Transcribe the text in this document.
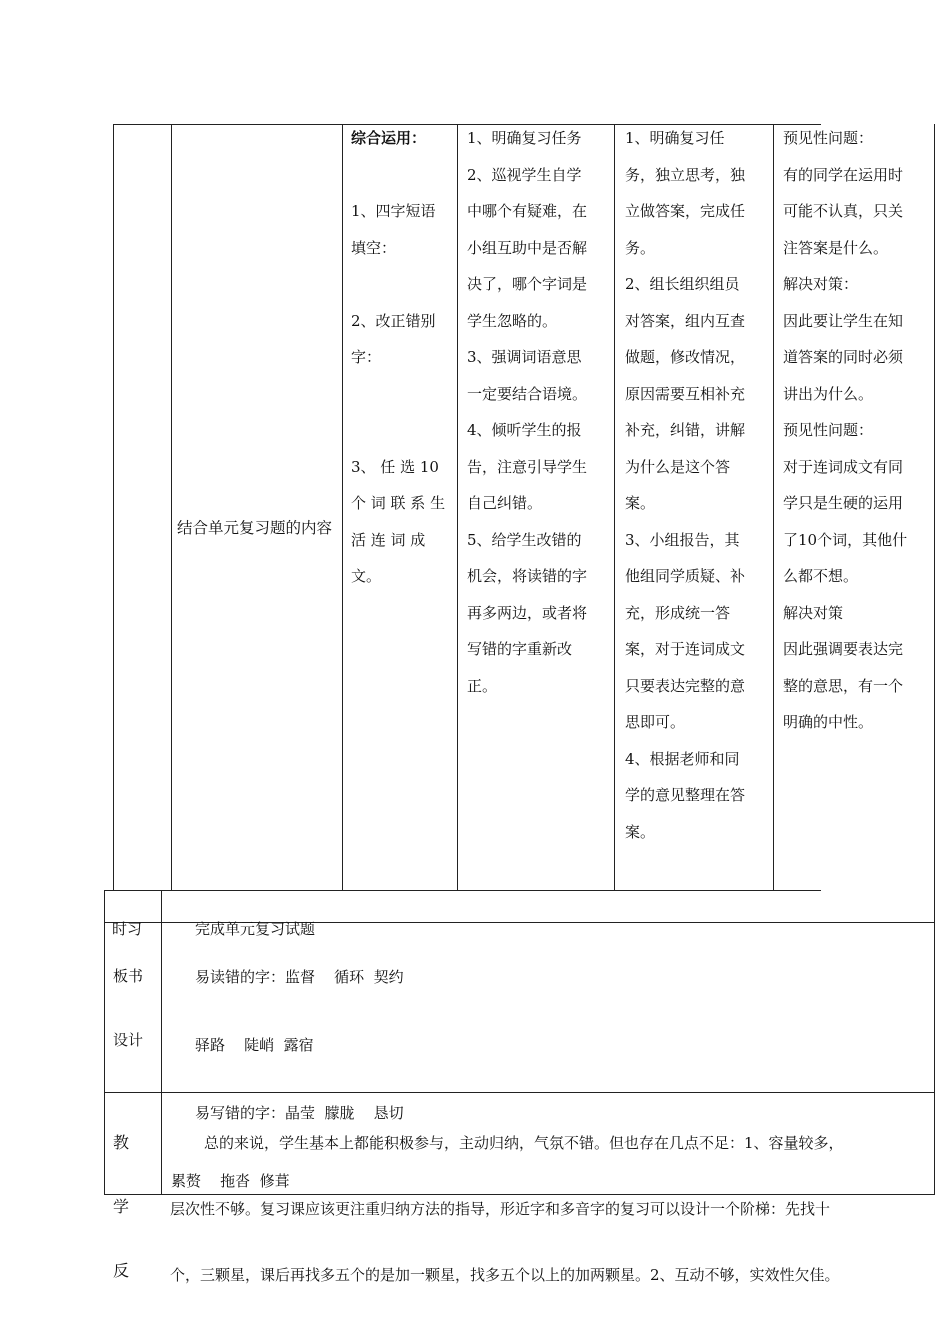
结合单元复习题的内容

综合运用：
1、四字短语
填空：
2、改正错别
字：
3、 任 选 10
个 词 联 系 生
活 连 词 成
文。
1、明确复习任务
2、巡视学生自学
中哪个有疑难，在
小组互助中是否解
决了，哪个字词是
学生忽略的。
3、强调词语意思
一定要结合语境。
4、倾听学生的报
告，注意引导学生
自己纠错。
5、给学生改错的
机会，将读错的字
再多两边，或者将
写错的字重新改
正。
1、明确复习任
务，独立思考，独
立做答案，完成任
务。
2、组长组织组员
对答案，组内互查
做题，修改情况，
原因需要互相补充
补充，纠错，讲解
为什么是这个答
案。
3、小组报告，其
他组同学质疑、补
充，形成统一答
案，对于连词成文
只要表达完整的意
思即可。
4、根据老师和同
学的意见整理在答
案。
预见性问题：
有的同学在运用时
可能不认真，只关
注答案是什么。
解决对策：
因此要让学生在知
道答案的同时必须
讲出为什么。
预见性问题：
对于连词成文有同
学只是生硬的运用
了10个词，其他什
么都不想。
解决对策
因此强调要表达完
整的意思，有一个
明确的中性。

时习	完成单元复习试题

板书

设计

易读错的字：监督    循环  契约

驿路    陡峭  露宿

易写错的字：晶莹  朦胧    恳切

累赘    拖沓  修葺

教

学

反

总的来说，学生基本上都能积极参与，主动归纳，气氛不错。但也存在几点不足：1、容量较多，

层次性不够。复习课应该更注重归纳方法的指导，形近字和多音字的复习可以设计一个阶梯：先找十

个，三颗星，课后再找多五个的是加一颗星，找多五个以上的加两颗星。2、互动不够，实效性欠佳。
